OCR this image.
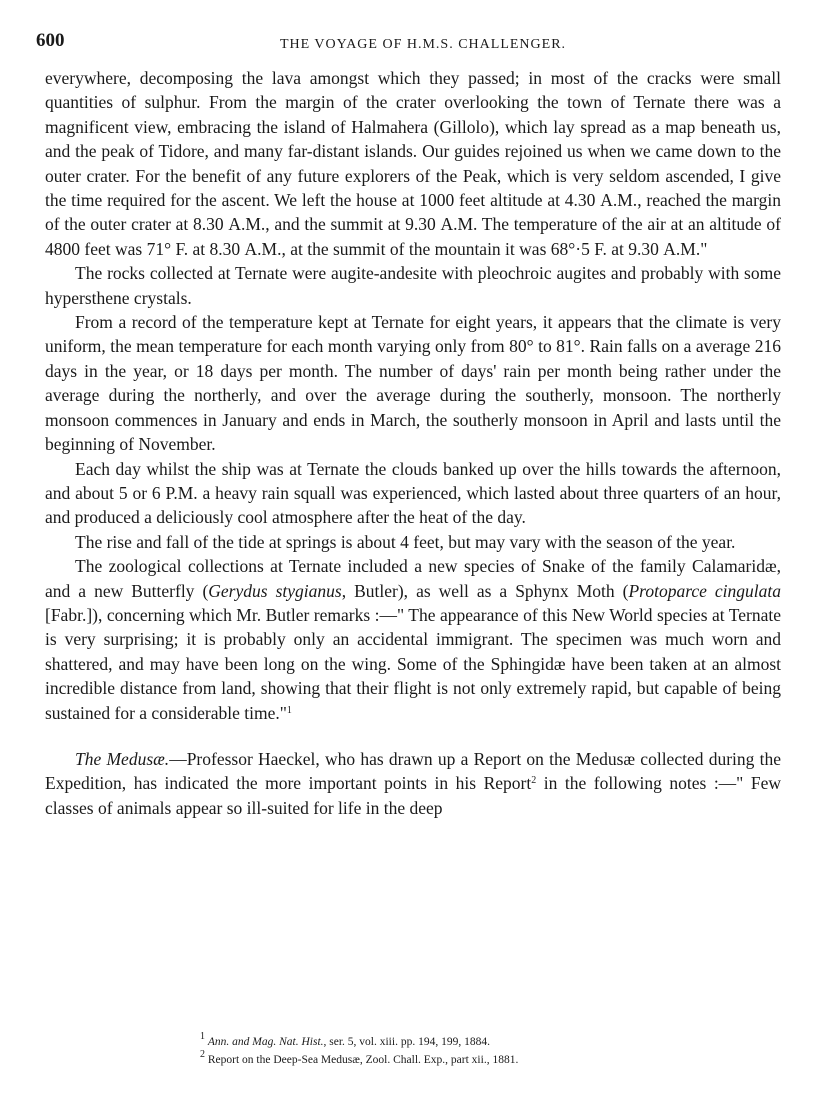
600	THE VOYAGE OF H.M.S. CHALLENGER.

everywhere, decomposing the lava amongst which they passed; in most of the cracks were small quantities of sulphur. From the margin of the crater overlooking the town of Ternate there was a magnificent view, embracing the island of Halmahera (Gillolo), which lay spread as a map beneath us, and the peak of Tidore, and many far-distant islands. Our guides rejoined us when we came down to the outer crater. For the benefit of any future explorers of the Peak, which is very seldom ascended, I give the time required for the ascent. We left the house at 1000 feet altitude at 4.30 A.M., reached the margin of the outer crater at 8.30 A.M., and the summit at 9.30 A.M. The temperature of the air at an altitude of 4800 feet was 71° F. at 8.30 A.M., at the summit of the mountain it was 68°·5 F. at 9.30 A.M."

The rocks collected at Ternate were augite-andesite with pleochroic augites and probably with some hypersthene crystals.

From a record of the temperature kept at Ternate for eight years, it appears that the climate is very uniform, the mean temperature for each month varying only from 80° to 81°. Rain falls on a average 216 days in the year, or 18 days per month. The number of days' rain per month being rather under the average during the northerly, and over the average during the southerly, monsoon. The northerly monsoon commences in January and ends in March, the southerly monsoon in April and lasts until the beginning of November.

Each day whilst the ship was at Ternate the clouds banked up over the hills towards the afternoon, and about 5 or 6 P.M. a heavy rain squall was experienced, which lasted about three quarters of an hour, and produced a deliciously cool atmosphere after the heat of the day.

The rise and fall of the tide at springs is about 4 feet, but may vary with the season of the year.

The zoological collections at Ternate included a new species of Snake of the family Calamaridæ, and a new Butterfly (Gerydus stygianus, Butler), as well as a Sphynx Moth (Protoparce cingulata [Fabr.]), concerning which Mr. Butler remarks :—" The appearance of this New World species at Ternate is very surprising; it is probably only an accidental immigrant. The specimen was much worn and shattered, and may have been long on the wing. Some of the Sphingidæ have been taken at an almost incredible distance from land, showing that their flight is not only extremely rapid, but capable of being sustained for a considerable time."$^1$

The Medusæ.—Professor Haeckel, who has drawn up a Report on the Medusæ collected during the Expedition, has indicated the more important points in his Report$^2$ in the following notes :—" Few classes of animals appear so ill-suited for life in the deep

$^1$ Ann. and Mag. Nat. Hist., ser. 5, vol. xiii. pp. 194, 199, 1884.
$^2$ Report on the Deep-Sea Medusæ, Zool. Chall. Exp., part xii., 1881.
